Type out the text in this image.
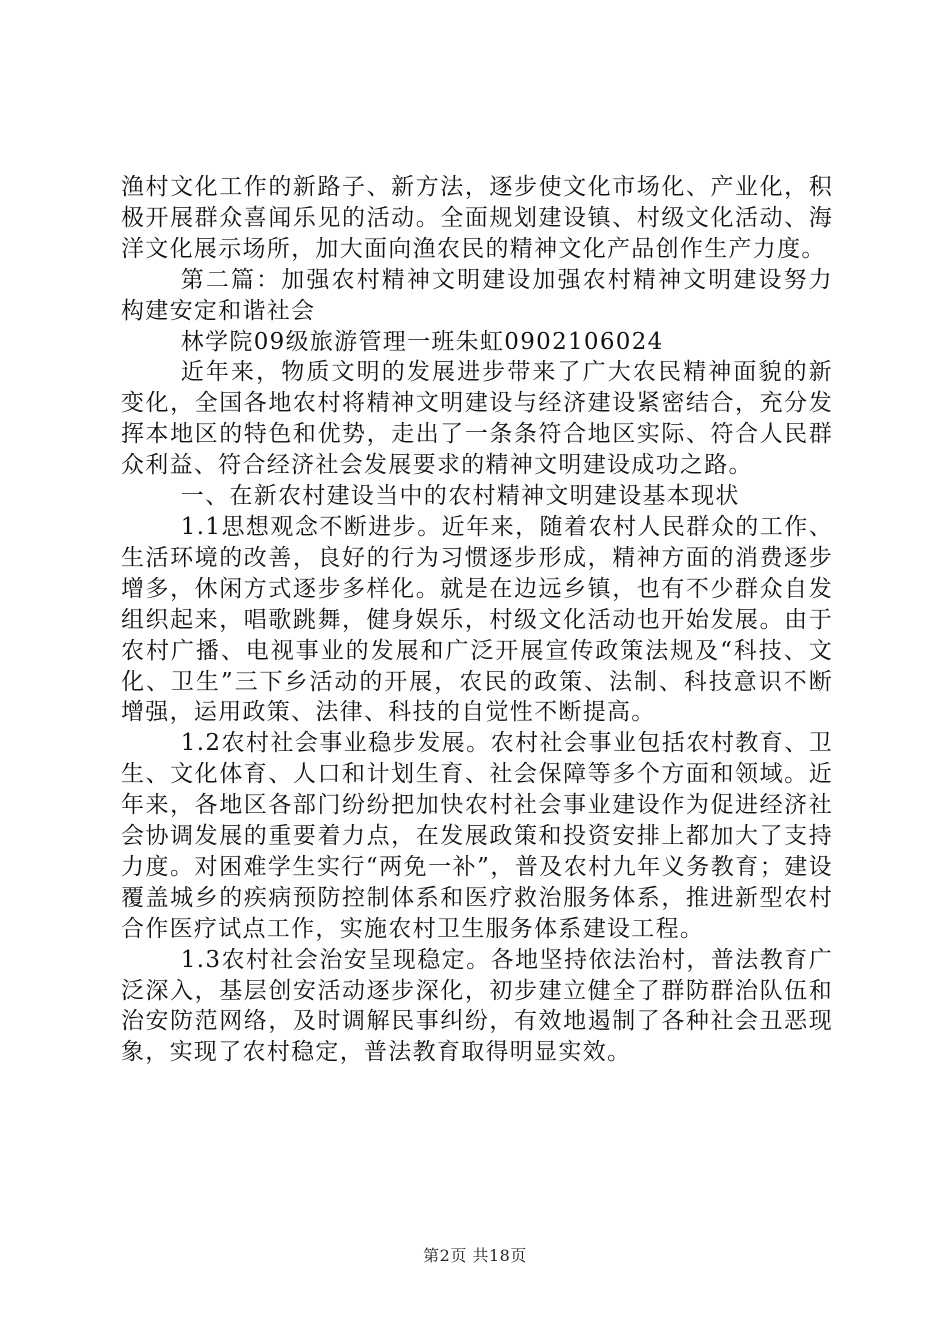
渔村文化工作的新路子、新方法，逐步使文化市场化、产业化，积极开展群众喜闻乐见的活动。全面规划建设镇、村级文化活动、海洋文化展示场所，加大面向渔农民的精神文化产品创作生产力度。

第二篇：加强农村精神文明建设加强农村精神文明建设努力构建安定和谐社会

林学院09级旅游管理一班朱虹0902106024

近年来，物质文明的发展进步带来了广大农民精神面貌的新变化，全国各地农村将精神文明建设与经济建设紧密结合，充分发挥本地区的特色和优势，走出了一条条符合地区实际、符合人民群众利益、符合经济社会发展要求的精神文明建设成功之路。

一、在新农村建设当中的农村精神文明建设基本现状

1.1思想观念不断进步。近年来，随着农村人民群众的工作、生活环境的改善，良好的行为习惯逐步形成，精神方面的消费逐步增多，休闲方式逐步多样化。就是在边远乡镇，也有不少群众自发组织起来，唱歌跳舞，健身娱乐，村级文化活动也开始发展。由于农村广播、电视事业的发展和广泛开展宣传政策法规及“科技、文化、卫生”三下乡活动的开展，农民的政策、法制、科技意识不断增强，运用政策、法律、科技的自觉性不断提高。

1.2农村社会事业稳步发展。农村社会事业包括农村教育、卫生、文化体育、人口和计划生育、社会保障等多个方面和领域。近年来，各地区各部门纷纷把加快农村社会事业建设作为促进经济社会协调发展的重要着力点，在发展政策和投资安排上都加大了支持力度。对困难学生实行“两免一补”，普及农村九年义务教育；建设覆盖城乡的疾病预防控制体系和医疗救治服务体系，推进新型农村合作医疗试点工作，实施农村卫生服务体系建设工程。

1.3农村社会治安呈现稳定。各地坚持依法治村，普法教育广泛深入，基层创安活动逐步深化，初步建立健全了群防群治队伍和治安防范网络，及时调解民事纠纷，有效地遏制了各种社会丑恶现象，实现了农村稳定，普法教育取得明显实效。

第2页 共18页
